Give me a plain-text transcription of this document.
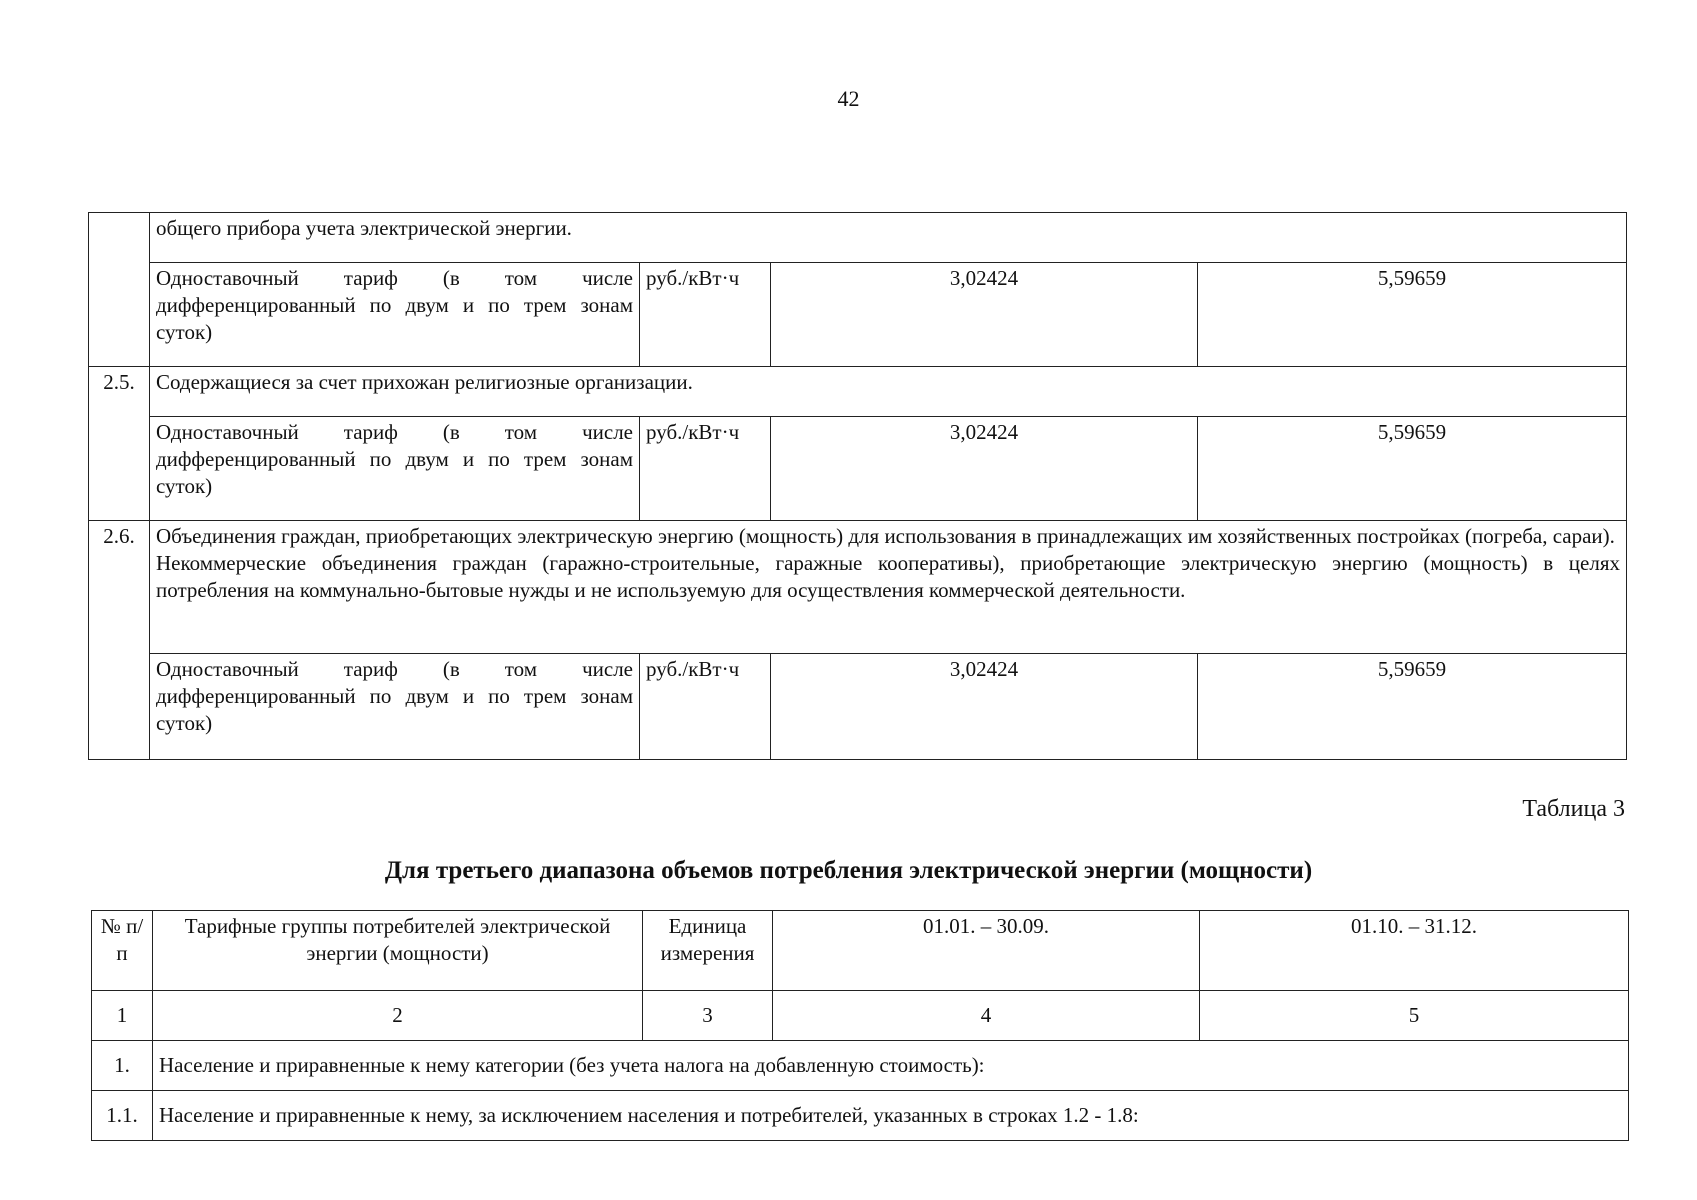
42
	общего прибора учета электрической энергии.			
	Одноставочный тариф (в том числе дифференцированный по двум и по трем зонам суток)	руб./кВт·ч	3,02424	5,59659
2.5.	Содержащиеся за счет прихожан религиозные организации.			
	Одноставочный тариф (в том числе дифференцированный по двум и по трем зонам суток)	руб./кВт·ч	3,02424	5,59659
2.6.	Объединения граждан, приобретающих электрическую энергию (мощность) для использования в принадлежащих им хозяйственных постройках (погреба, сараи).
Некоммерческие объединения граждан (гаражно-строительные, гаражные кооперативы), приобретающие электрическую энергию (мощность) в целях потребления на коммунально-бытовые нужды и не используемую для осуществления коммерческой деятельности.			

	Одноставочный тариф (в том числе дифференцированный по двум и по трем зонам суток)	руб./кВт·ч	3,02424	5,59659
Таблица 3
Для третьего диапазона объемов потребления электрической энергии (мощности)
№ п/п	Тарифные группы потребителей электрической энергии (мощности)	Единица измерения	01.01. – 30.09.	01.10. – 31.12.
1	2	3	4	5
1.	Население и приравненные к нему категории (без учета налога на добавленную стоимость):			
1.1.	Население и приравненные к нему, за исключением населения и потребителей, указанных в строках 1.2 - 1.8:			
